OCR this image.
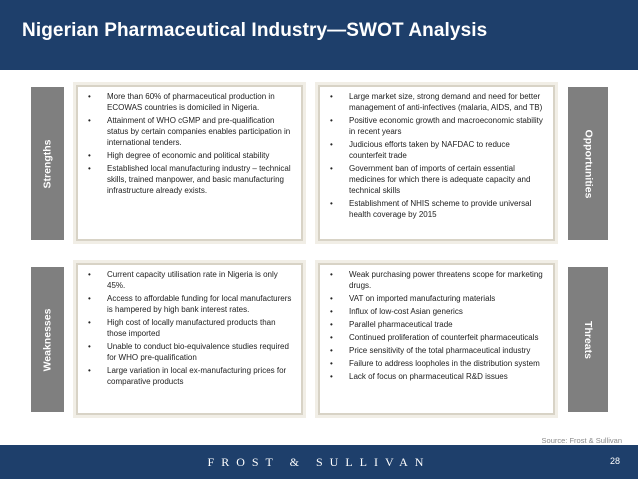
Nigerian Pharmaceutical Industry—SWOT Analysis
Strengths
• More than 60% of pharmaceutical production in ECOWAS countries is domiciled in Nigeria.
• Attainment of WHO cGMP and pre-qualification status by certain companies enables participation in international tenders.
• High degree of economic and political stability
• Established local manufacturing industry – technical skills, trained manpower, and basic manufacturing infrastructure already exists.
• Large market size, strong demand and need for better management of anti-infectives (malaria, AIDS, and TB)
• Positive economic growth and macroeconomic stability in recent years
• Judicious efforts taken by NAFDAC to reduce counterfeit trade
• Government ban of imports of certain essential medicines for which there is adequate capacity and technical skills
• Establishment of NHIS scheme to provide universal health coverage by 2015
Opportunities
Weaknesses
• Current capacity utilisation rate in Nigeria is only 45%.
• Access to affordable funding for local manufacturers is hampered by high bank interest rates.
• High cost of locally manufactured products than those imported
• Unable to conduct bio-equivalence studies required for WHO pre-qualification
• Large variation in local ex-manufacturing prices for comparative products
• Weak purchasing power threatens scope for marketing drugs.
• VAT on imported manufacturing materials
• Influx of low-cost Asian generics
• Parallel pharmaceutical trade
• Continued proliferation of counterfeit pharmaceuticals
• Price sensitivity of the total pharmaceutical industry
• Failure to address loopholes in the distribution system
• Lack of focus on pharmaceutical R&D issues
Threats
Source: Frost & Sullivan
FROST & SULLIVAN	28
